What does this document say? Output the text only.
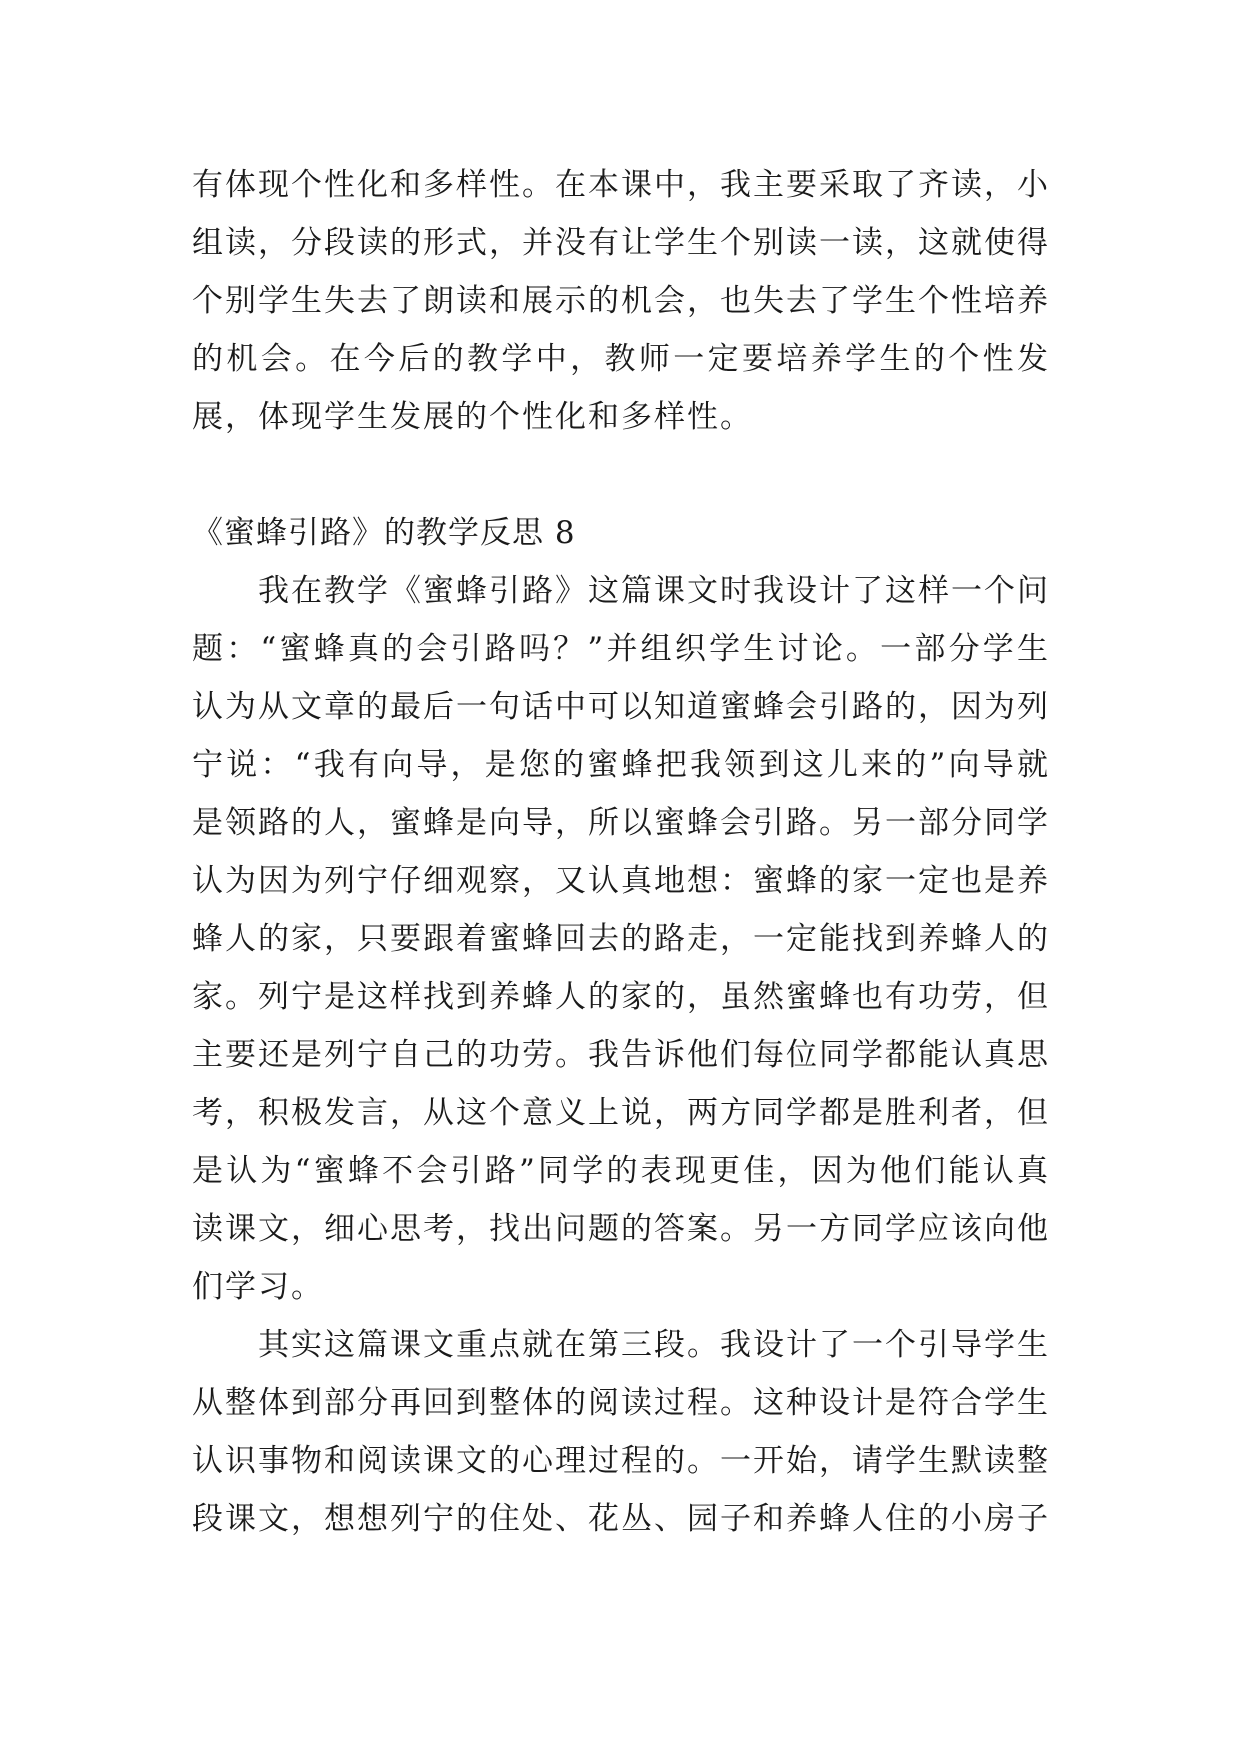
有体现个性化和多样性。在本课中，我主要采取了齐读，小组读，分段读的形式，并没有让学生个别读一读，这就使得个别学生失去了朗读和展示的机会，也失去了学生个性培养的机会。在今后的教学中，教师一定要培养学生的个性发展，体现学生发展的个性化和多样性。

《蜜蜂引路》的教学反思 8

我在教学《蜜蜂引路》这篇课文时我设计了这样一个问题：“蜜蜂真的会引路吗？”并组织学生讨论。一部分学生认为从文章的最后一句话中可以知道蜜蜂会引路的，因为列宁说：“我有向导，是您的蜜蜂把我领到这儿来的”向导就是领路的人，蜜蜂是向导，所以蜜蜂会引路。另一部分同学认为因为列宁仔细观察，又认真地想：蜜蜂的家一定也是养蜂人的家，只要跟着蜜蜂回去的路走，一定能找到养蜂人的家。列宁是这样找到养蜂人的家的，虽然蜜蜂也有功劳，但主要还是列宁自己的功劳。我告诉他们每位同学都能认真思考，积极发言，从这个意义上说，两方同学都是胜利者，但是认为“蜜蜂不会引路”同学的表现更佳，因为他们能认真读课文，细心思考，找出问题的答案。另一方同学应该向他们学习。

其实这篇课文重点就在第三段。我设计了一个引导学生从整体到部分再回到整体的阅读过程。这种设计是符合学生认识事物和阅读课文的心理过程的。一开始，请学生默读整段课文，想想列宁的住处、花丛、园子和养蜂人住的小房子
